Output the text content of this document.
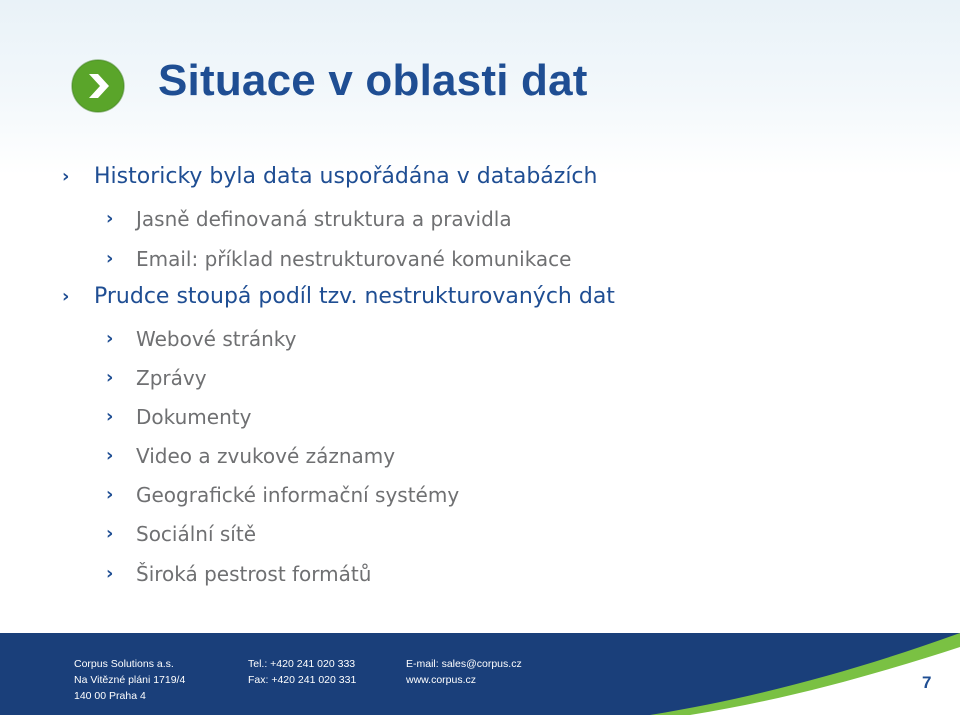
Situace v oblasti dat
› Historicky byla data uspořádána v databázích
› Jasně definovaná struktura a pravidla
› Email: příklad nestrukturované komunikace
› Prudce stoupá podíl tzv. nestrukturovaných dat
› Webové stránky
› Zprávy
› Dokumenty
› Video a zvukové záznamy
› Geografické informační systémy
› Sociální sítě
› Široká pestrost formátů
Corpus Solutions a.s.
Na Vitězné pláni 1719/4
140 00 Praha 4
Tel.: +420 241 020 333
Fax: +420 241 020 331
E-mail: sales@corpus.cz
www.corpus.cz	7
